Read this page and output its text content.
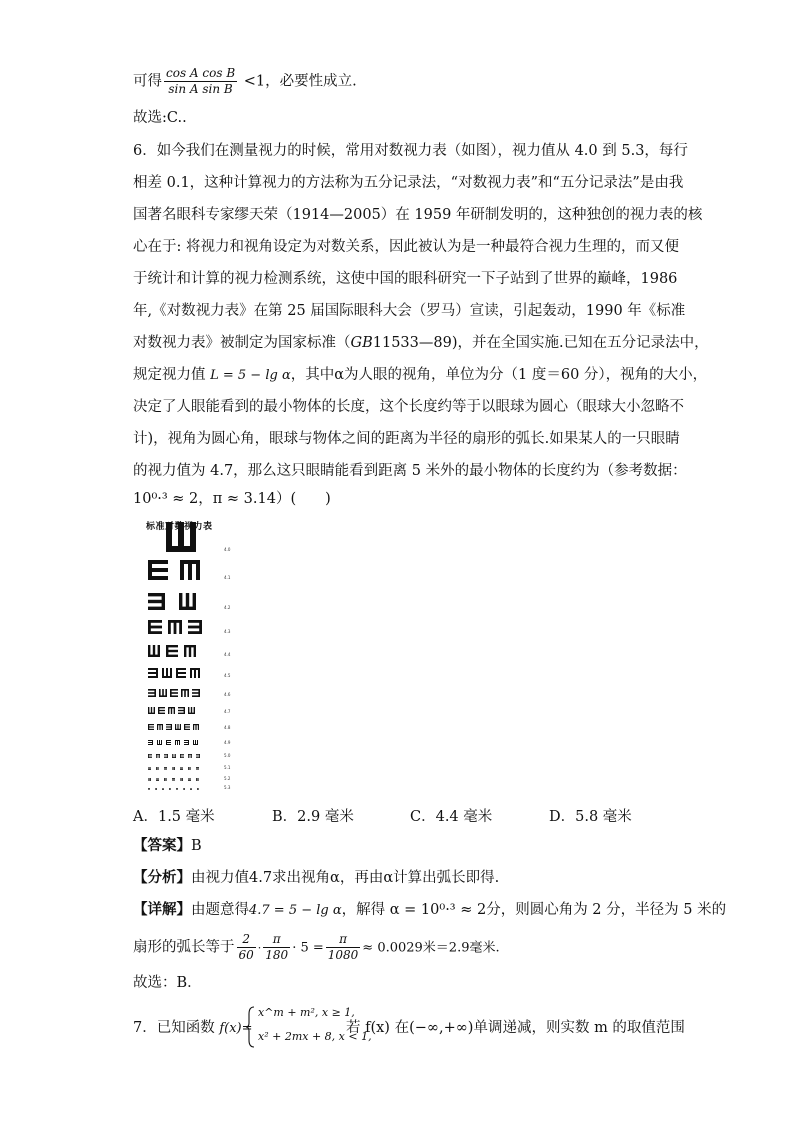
可得 $\frac{\text{cos A cos B}}{\text{sin A sin B}} <1$，必要性成立.
故选:C..
6．如今我们在测量视力的时候，常用对数视力表（如图），视力值从 4.0 到 5.3，每行
相差 0.1，这种计算视力的方法称为五分记录法，“对数视力表”和“五分记录法”是由我
国著名眼科专家缪天荣（1914—2005）在 1959 年研制发明的，这种独创的视力表的核
心在于: 将视力和视角设定为对数关系，因此被认为是一种最符合视力生理的，而又便
于统计和计算的视力检测系统，这使中国的眼科研究一下子站到了世界的巅峰，1986
年,《对数视力表》在第 25 届国际眼科大会（罗马）宣读，引起轰动，1990 年《标准
对数视力表》被制定为国家标准（GB11533—89)，并在全国实施.已知在五分记录法中，
规定视力值 L = 5 − lg α，其中α为人眼的视角，单位为分（1 度＝60 分），视角的大小，
决定了人眼能看到的最小物体的长度，这个长度约等于以眼球为圆心（眼球大小忽略不
计)，视角为圆心角，眼球与物体之间的距离为半径的扇形的弧长.如果某人的一只眼睛
的视力值为 4.7，那么这只眼睛能看到距离 5 米外的最小物体的长度约为（参考数据：
10⁰·³ ≈ 2，π ≈ 3.14）(　　)
标准对数视力表
4.0
4.1
4.2
4.3
4.4
4.5
4.6
4.7
4.8
4.9
5.0
5.1
5.2
5.3
A．1.5 毫米	B．2.9 毫米	C．4.4 毫米	D．5.8 毫米
【答案】B
【分析】由视力值4.7求出视角α，再由α计算出弧长即得.
【详解】由题意得4.7 = 5 − lg α，解得 α = 10⁰·³ ≈ 2分，则圆心角为 2 分，半径为 5 米的
扇形的弧长等于 $\frac{2}{60} \cdot \frac{\pi}{180} \cdot 5 = \frac{\pi}{1080} \approx 0.0029$米＝2.9毫米.
故选：B．
7．已知函数 f(x)=
x^m + m², x ≥ 1,
x² + 2mx + 8, x < 1,
若 f(x) 在(−∞,+∞)单调递减，则实数 m 的取值范围
